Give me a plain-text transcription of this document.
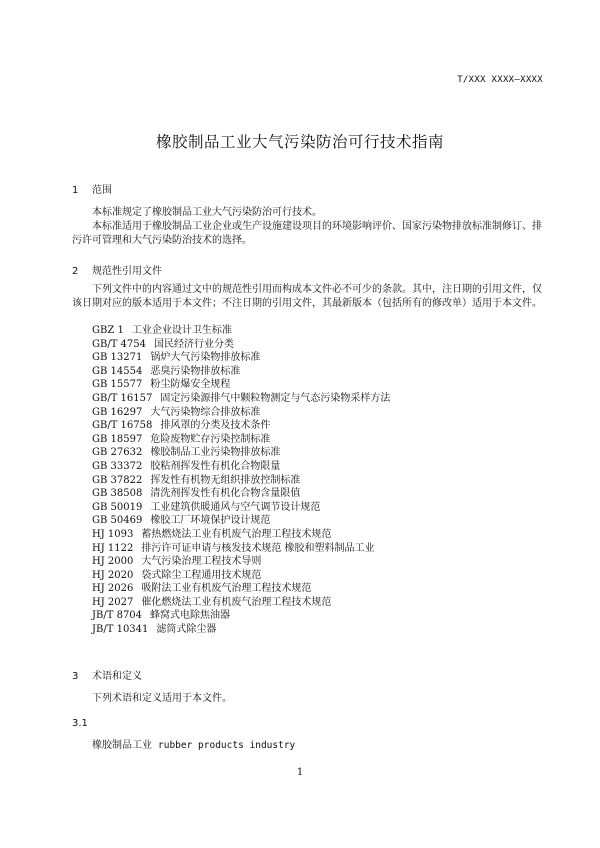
T/XXX XXXX—XXXX
橡胶制品工业大气污染防治可行技术指南
1 范围

本标准规定了橡胶制品工业大气污染防治可行技术。

本标准适用于橡胶制品工业企业或生产设施建设项目的环境影响评价、国家污染物排放标准制修订、排污许可管理和大气污染防治技术的选择。

2 规范性引用文件

下列文件中的内容通过文中的规范性引用而构成本文件必不可少的条款。其中，注日期的引用文件，仅该日期对应的版本适用于本文件；不注日期的引用文件，其最新版本（包括所有的修改单）适用于本文件。

GBZ 1 工业企业设计卫生标准
GB/T 4754 国民经济行业分类
GB 13271 锅炉大气污染物排放标准
GB 14554 恶臭污染物排放标准
GB 15577 粉尘防爆安全规程
GB/T 16157 固定污染源排气中颗粒物测定与气态污染物采样方法
GB 16297 大气污染物综合排放标准
GB/T 16758 排风罩的分类及技术条件
GB 18597 危险废物贮存污染控制标准
GB 27632 橡胶制品工业污染物排放标准
GB 33372 胶粘剂挥发性有机化合物限量
GB 37822 挥发性有机物无组织排放控制标准
GB 38508 清洗剂挥发性有机化合物含量限值
GB 50019 工业建筑供暖通风与空气调节设计规范
GB 50469 橡胶工厂环境保护设计规范
HJ 1093 蓄热燃烧法工业有机废气治理工程技术规范
HJ 1122 排污许可证申请与核发技术规范 橡胶和塑料制品工业
HJ 2000 大气污染治理工程技术导则
HJ 2020 袋式除尘工程通用技术规范
HJ 2026 吸附法工业有机废气治理工程技术规范
HJ 2027 催化燃烧法工业有机废气治理工程技术规范
JB/T 8704 蜂窝式电除焦油器
JB/T 10341 滤筒式除尘器
3 术语和定义

下列术语和定义适用于本文件。

3.1
橡胶制品工业 rubber products industry
1
